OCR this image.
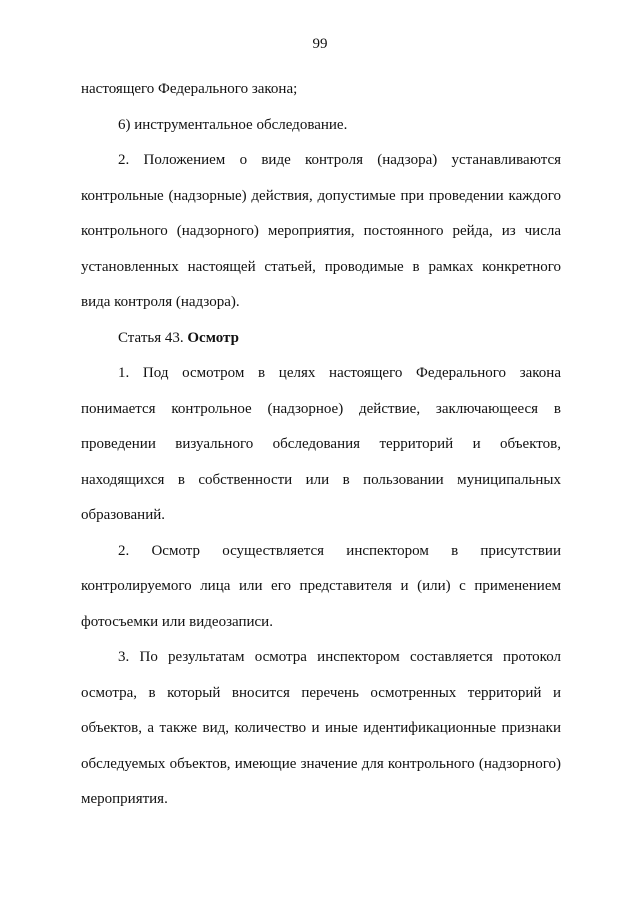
99

настоящего Федерального закона;

6) инструментальное обследование.

2. Положением о виде контроля (надзора) устанавливаются контрольные (надзорные) действия, допустимые при проведении каждого контрольного (надзорного) мероприятия, постоянного рейда, из числа установленных настоящей статьей, проводимые в рамках конкретного вида контроля (надзора).

Статья 43. Осмотр

1. Под осмотром в целях настоящего Федерального закона понимается контрольное (надзорное) действие, заключающееся в проведении визуального обследования территорий и объектов, находящихся в собственности или в пользовании муниципальных образований.

2. Осмотр осуществляется инспектором в присутствии контролируемого лица или его представителя и (или) с применением фотосъемки или видеозаписи.

3. По результатам осмотра инспектором составляется протокол осмотра, в который вносится перечень осмотренных территорий и объектов, а также вид, количество и иные идентификационные признаки обследуемых объектов, имеющие значение для контрольного (надзорного) мероприятия.
